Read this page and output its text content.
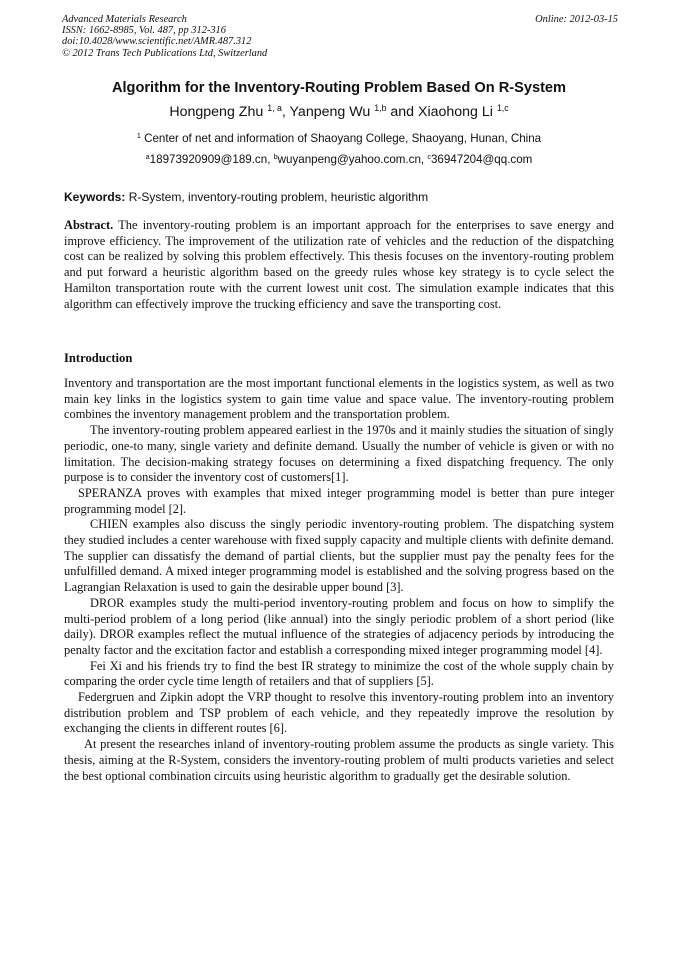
Advanced Materials Research
ISSN: 1662-8985, Vol. 487, pp 312-316
doi:10.4028/www.scientific.net/AMR.487.312
© 2012 Trans Tech Publications Ltd, Switzerland
Online: 2012-03-15
Algorithm for the Inventory-Routing Problem Based On R-System
Hongpeng Zhu $^{1, a}$, Yanpeng Wu $^{1,b}$ and Xiaohong Li $^{1,c}$
$^1$ Center of net and information of Shaoyang College, Shaoyang, Hunan, China
$^a$18973920909@189.cn, $^b$wuyanpeng@yahoo.com.cn, $^c$36947204@qq.com
Keywords: R-System, inventory-routing problem, heuristic algorithm
Abstract. The inventory-routing problem is an important approach for the enterprises to save energy and improve efficiency. The improvement of the utilization rate of vehicles and the reduction of the dispatching cost can be realized by solving this problem effectively. This thesis focuses on the inventory-routing problem and put forward a heuristic algorithm based on the greedy rules whose key strategy is to cycle select the Hamilton transportation route with the current lowest unit cost. The simulation example indicates that this algorithm can effectively improve the trucking efficiency and save the transporting cost.
Introduction

Inventory and transportation are the most important functional elements in the logistics system, as well as two main key links in the logistics system to gain time value and space value. The inventory-routing problem combines the inventory management problem and the transportation problem.

The inventory-routing problem appeared earliest in the 1970s and it mainly studies the situation of singly periodic, one-to many, single variety and definite demand. Usually the number of vehicle is given or with no limitation. The decision-making strategy focuses on determining a fixed dispatching frequency. The only purpose is to consider the inventory cost of customers[1].

SPERANZA proves with examples that mixed integer programming model is better than pure integer programming model [2].

CHIEN examples also discuss the singly periodic inventory-routing problem. The dispatching system they studied includes a center warehouse with fixed supply capacity and multiple clients with definite demand. The supplier can dissatisfy the demand of partial clients, but the supplier must pay the penalty fees for the unfulfilled demand. A mixed integer programming model is established and the solving progress based on the Lagrangian Relaxation is used to gain the desirable upper bound [3].

DROR examples study the multi-period inventory-routing problem and focus on how to simplify the multi-period problem of a long period (like annual) into the singly periodic problem of a short period (like daily). DROR examples reflect the mutual influence of the strategies of adjacency periods by introducing the penalty factor and the excitation factor and establish a corresponding mixed integer programming model [4].

Fei Xi and his friends try to find the best IR strategy to minimize the cost of the whole supply chain by comparing the order cycle time length of retailers and that of suppliers [5].

Federgruen and Zipkin adopt the VRP thought to resolve this inventory-routing problem into an inventory distribution problem and TSP problem of each vehicle, and they repeatedly improve the resolution by exchanging the clients in different routes [6].

At present the researches inland of inventory-routing problem assume the products as single variety. This thesis, aiming at the R-System, considers the inventory-routing problem of multi products varieties and select the best optional combination circuits using heuristic algorithm to gradually get the desirable solution.
